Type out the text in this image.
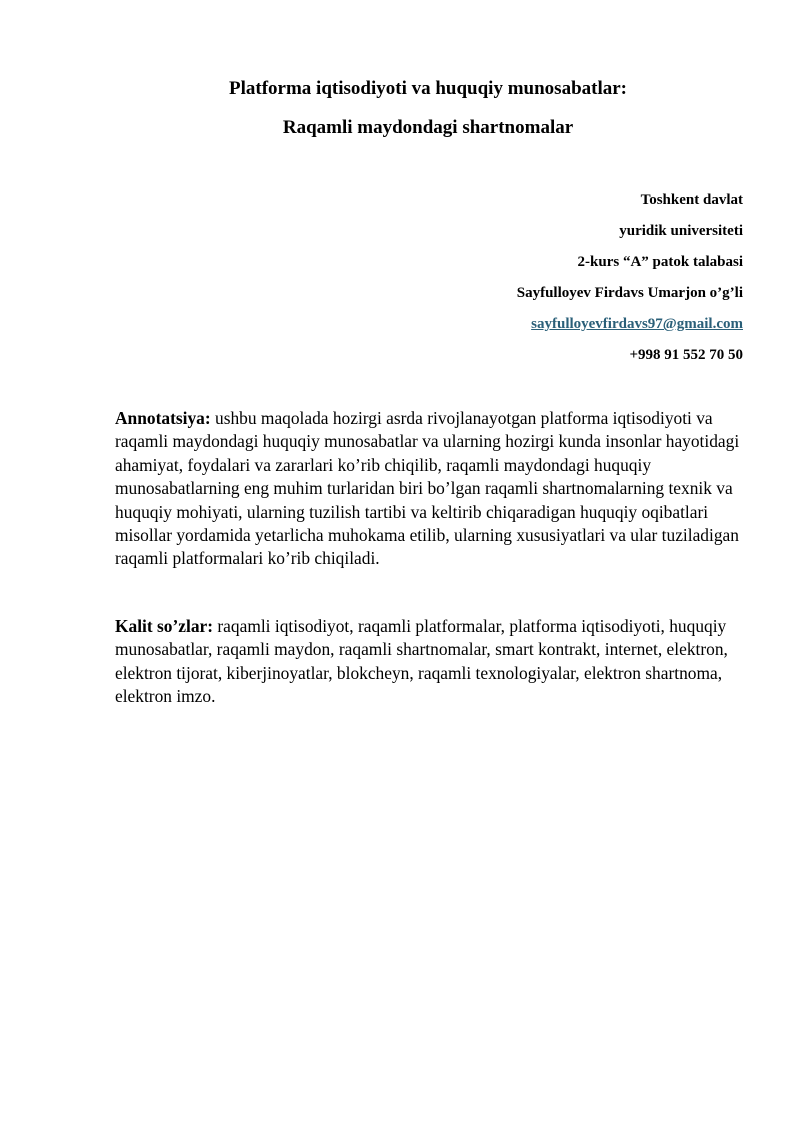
Platforma iqtisodiyoti va huquqiy munosabatlar:
Raqamli maydondagi shartnomalar
Toshkent davlat
yuridik universiteti
2-kurs “A” patok talabasi
Sayfulloyev Firdavs Umarjon o’g’li
sayfulloyevfirdavs97@gmail.com
+998 91 552 70 50

Annotatsiya: ushbu maqolada hozirgi asrda rivojlanayotgan platforma iqtisodiyoti va raqamli maydondagi huquqiy munosabatlar va ularning hozirgi kunda insonlar hayotidagi ahamiyat, foydalari va zararlari ko’rib chiqilib, raqamli maydondagi huquqiy munosabatlarning eng muhim turlaridan biri bo’lgan raqamli shartnomalarning texnik va huquqiy mohiyati, ularning tuzilish tartibi va keltirib chiqaradigan huquqiy oqibatlari misollar yordamida yetarlicha muhokama etilib, ularning xususiyatlari va ular tuziladigan raqamli platformalari ko’rib chiqiladi.

Kalit so’zlar: raqamli iqtisodiyot, raqamli platformalar, platforma iqtisodiyoti, huquqiy munosabatlar, raqamli maydon, raqamli shartnomalar, smart kontrakt, internet, elektron, elektron tijorat, kiberjinoyatlar, blokcheyn, raqamli texnologiyalar, elektron shartnoma, elektron imzo.
